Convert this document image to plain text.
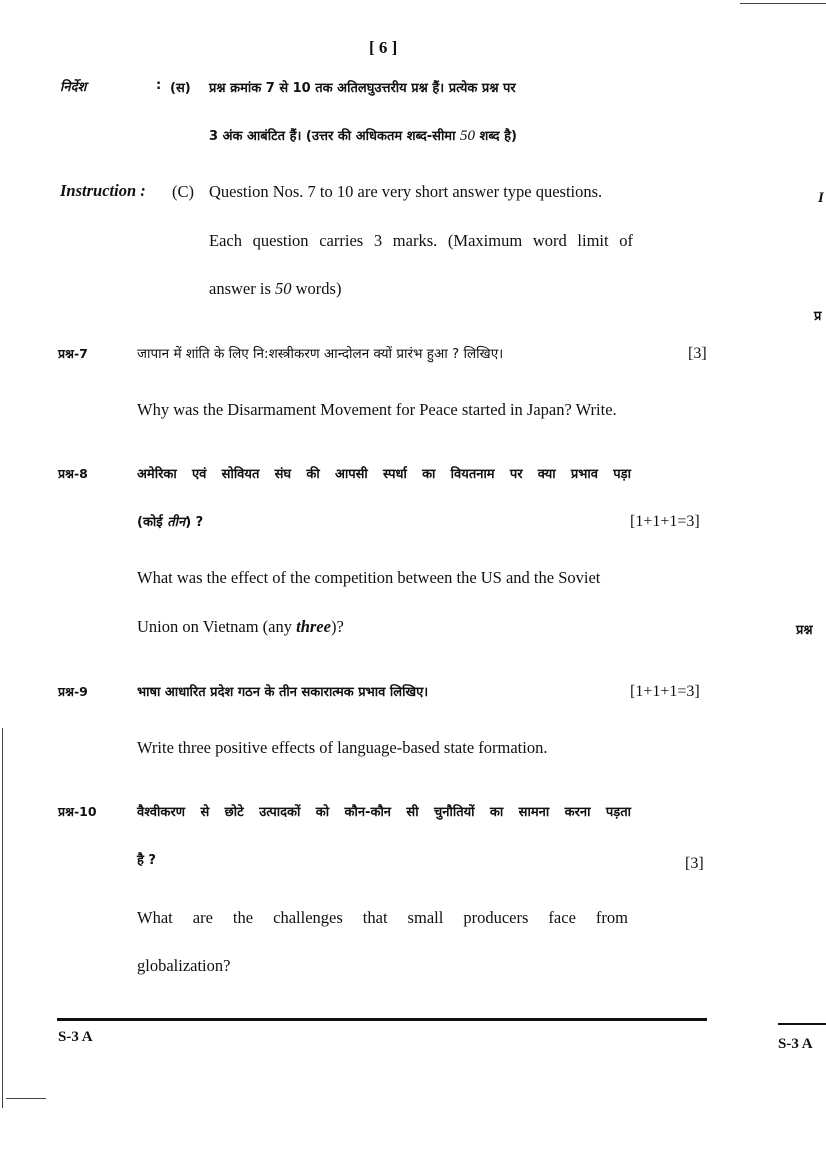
[ 6 ]
निर्देश	: (स) प्रश्न क्रमांक 7 से 10 तक अतिलघुउत्तरीय प्रश्न हैं। प्रत्येक प्रश्न पर
3 अंक आबंटित हैं। (उत्तर की अधिकतम शब्द-सीमा 50 शब्द है)
Instruction : (C) Question Nos. 7 to 10 are very short answer type questions.
Each question carries 3 marks. (Maximum word limit of
answer is 50 words)
प्रश्न-7	जापान में शांति के लिए नि:शस्त्रीकरण आन्दोलन क्यों प्रारंभ हुआ ? लिखिए।	[3]
Why was the Disarmament Movement for Peace started in Japan? Write.
प्रश्न-8	अमेरिका एवं सोवियत संघ की आपसी स्पर्धा का वियतनाम पर क्या प्रभाव पड़ा
(कोई तीन) ?	[1+1+1=3]
What was the effect of the competition between the US and the Soviet
Union on Vietnam (any three)?
प्रश्न-9	भाषा आधारित प्रदेश गठन के तीन सकारात्मक प्रभाव लिखिए।	[1+1+1=3]
Write three positive effects of language-based state formation.
प्रश्न-10	वैश्वीकरण से छोटे उत्पादकों को कौन-कौन सी चुनौतियों का सामना करना पड़ता
है ?	[3]
What are the challenges that small producers face from
globalization?
S-3 A
I
प्र
प्रश्न
S-3 A
